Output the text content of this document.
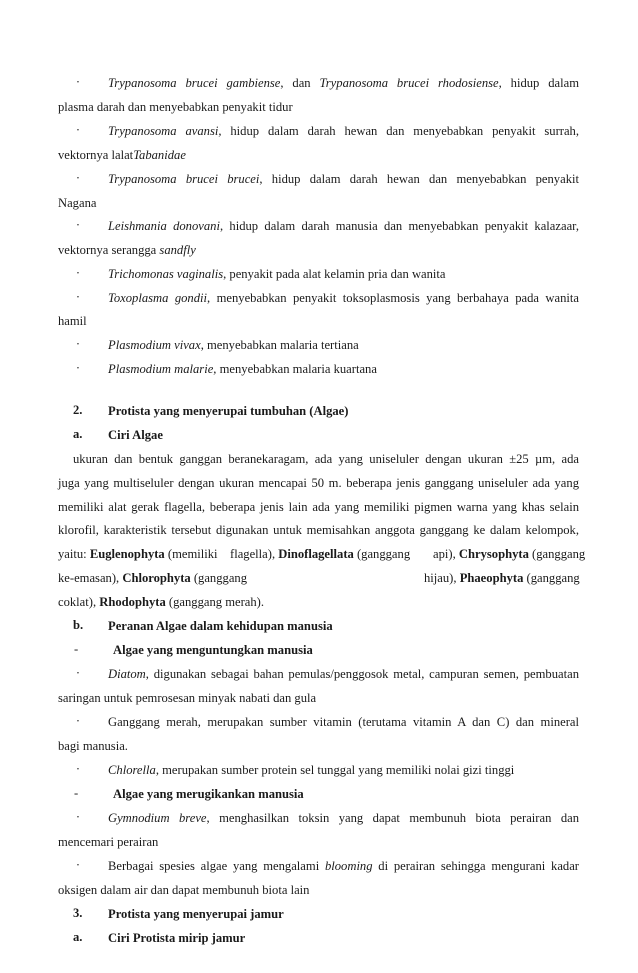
· Trypanosoma brucei gambiense, dan Trypanosoma brucei rhodosiense, hidup dalam
plasma darah dan menyebabkan penyakit tidur
· Trypanosoma avansi, hidup dalam darah hewan dan menyebabkan penyakit surrah,
vektornya lalatTabanidae
· Trypanosoma brucei brucei, hidup dalam darah hewan dan menyebabkan penyakit
Nagana
· Leishmania donovani, hidup dalam darah manusia dan menyebabkan penyakit kalazaar,
vektornya serangga sandfly
· Trichomonas vaginalis, penyakit pada alat kelamin pria dan wanita
· Toxoplasma gondii, menyebabkan penyakit toksoplasmosis yang berbahaya pada wanita
hamil
· Plasmodium vivax, menyebabkan malaria tertiana
· Plasmodium malarie, menyebabkan malaria kuartana
2. Protista yang menyerupai tumbuhan (Algae)
a. Ciri Algae
ukuran dan bentuk ganggan beranekaragam, ada yang uniseluler dengan ukuran ±25 µm, ada
juga yang multiseluler dengan ukuran mencapai 50 m. beberapa jenis ganggang uniseluler ada yang
memiliki alat gerak flagella, beberapa jenis lain ada yang memiliki pigmen warna yang khas selain
klorofil, karakteristik tersebut digunakan untuk memisahkan anggota ganggang ke dalam kelompok,
yaitu: Euglenophyta (memiliki flagella), Dinoflagellata (ganggang api), Chrysophyta (ganggang
ke-emasan), Chlorophyta (ganggang	hijau), Phaeophyta (ganggang
coklat), Rhodophyta (ganggang merah).
b. Peranan Algae dalam kehidupan manusia
-	Algae yang menguntungkan manusia
· Diatom, digunakan sebagai bahan pemulas/penggosok metal, campuran semen, pembuatan
saringan untuk pemrosesan minyak nabati dan gula
· Ganggang merah, merupakan sumber vitamin (terutama vitamin A dan C) dan mineral
bagi manusia.
· Chlorella, merupakan sumber protein sel tunggal yang memiliki nolai gizi tinggi
-	Algae yang merugikankan manusia
· Gymnodium breve, menghasilkan toksin yang dapat membunuh biota perairan dan
mencemari perairan
· Berbagai spesies algae yang mengalami blooming di perairan sehingga mengurani kadar
oksigen dalam air dan dapat membunuh biota lain
3. Protista yang menyerupai jamur
a. Ciri Protista mirip jamur
